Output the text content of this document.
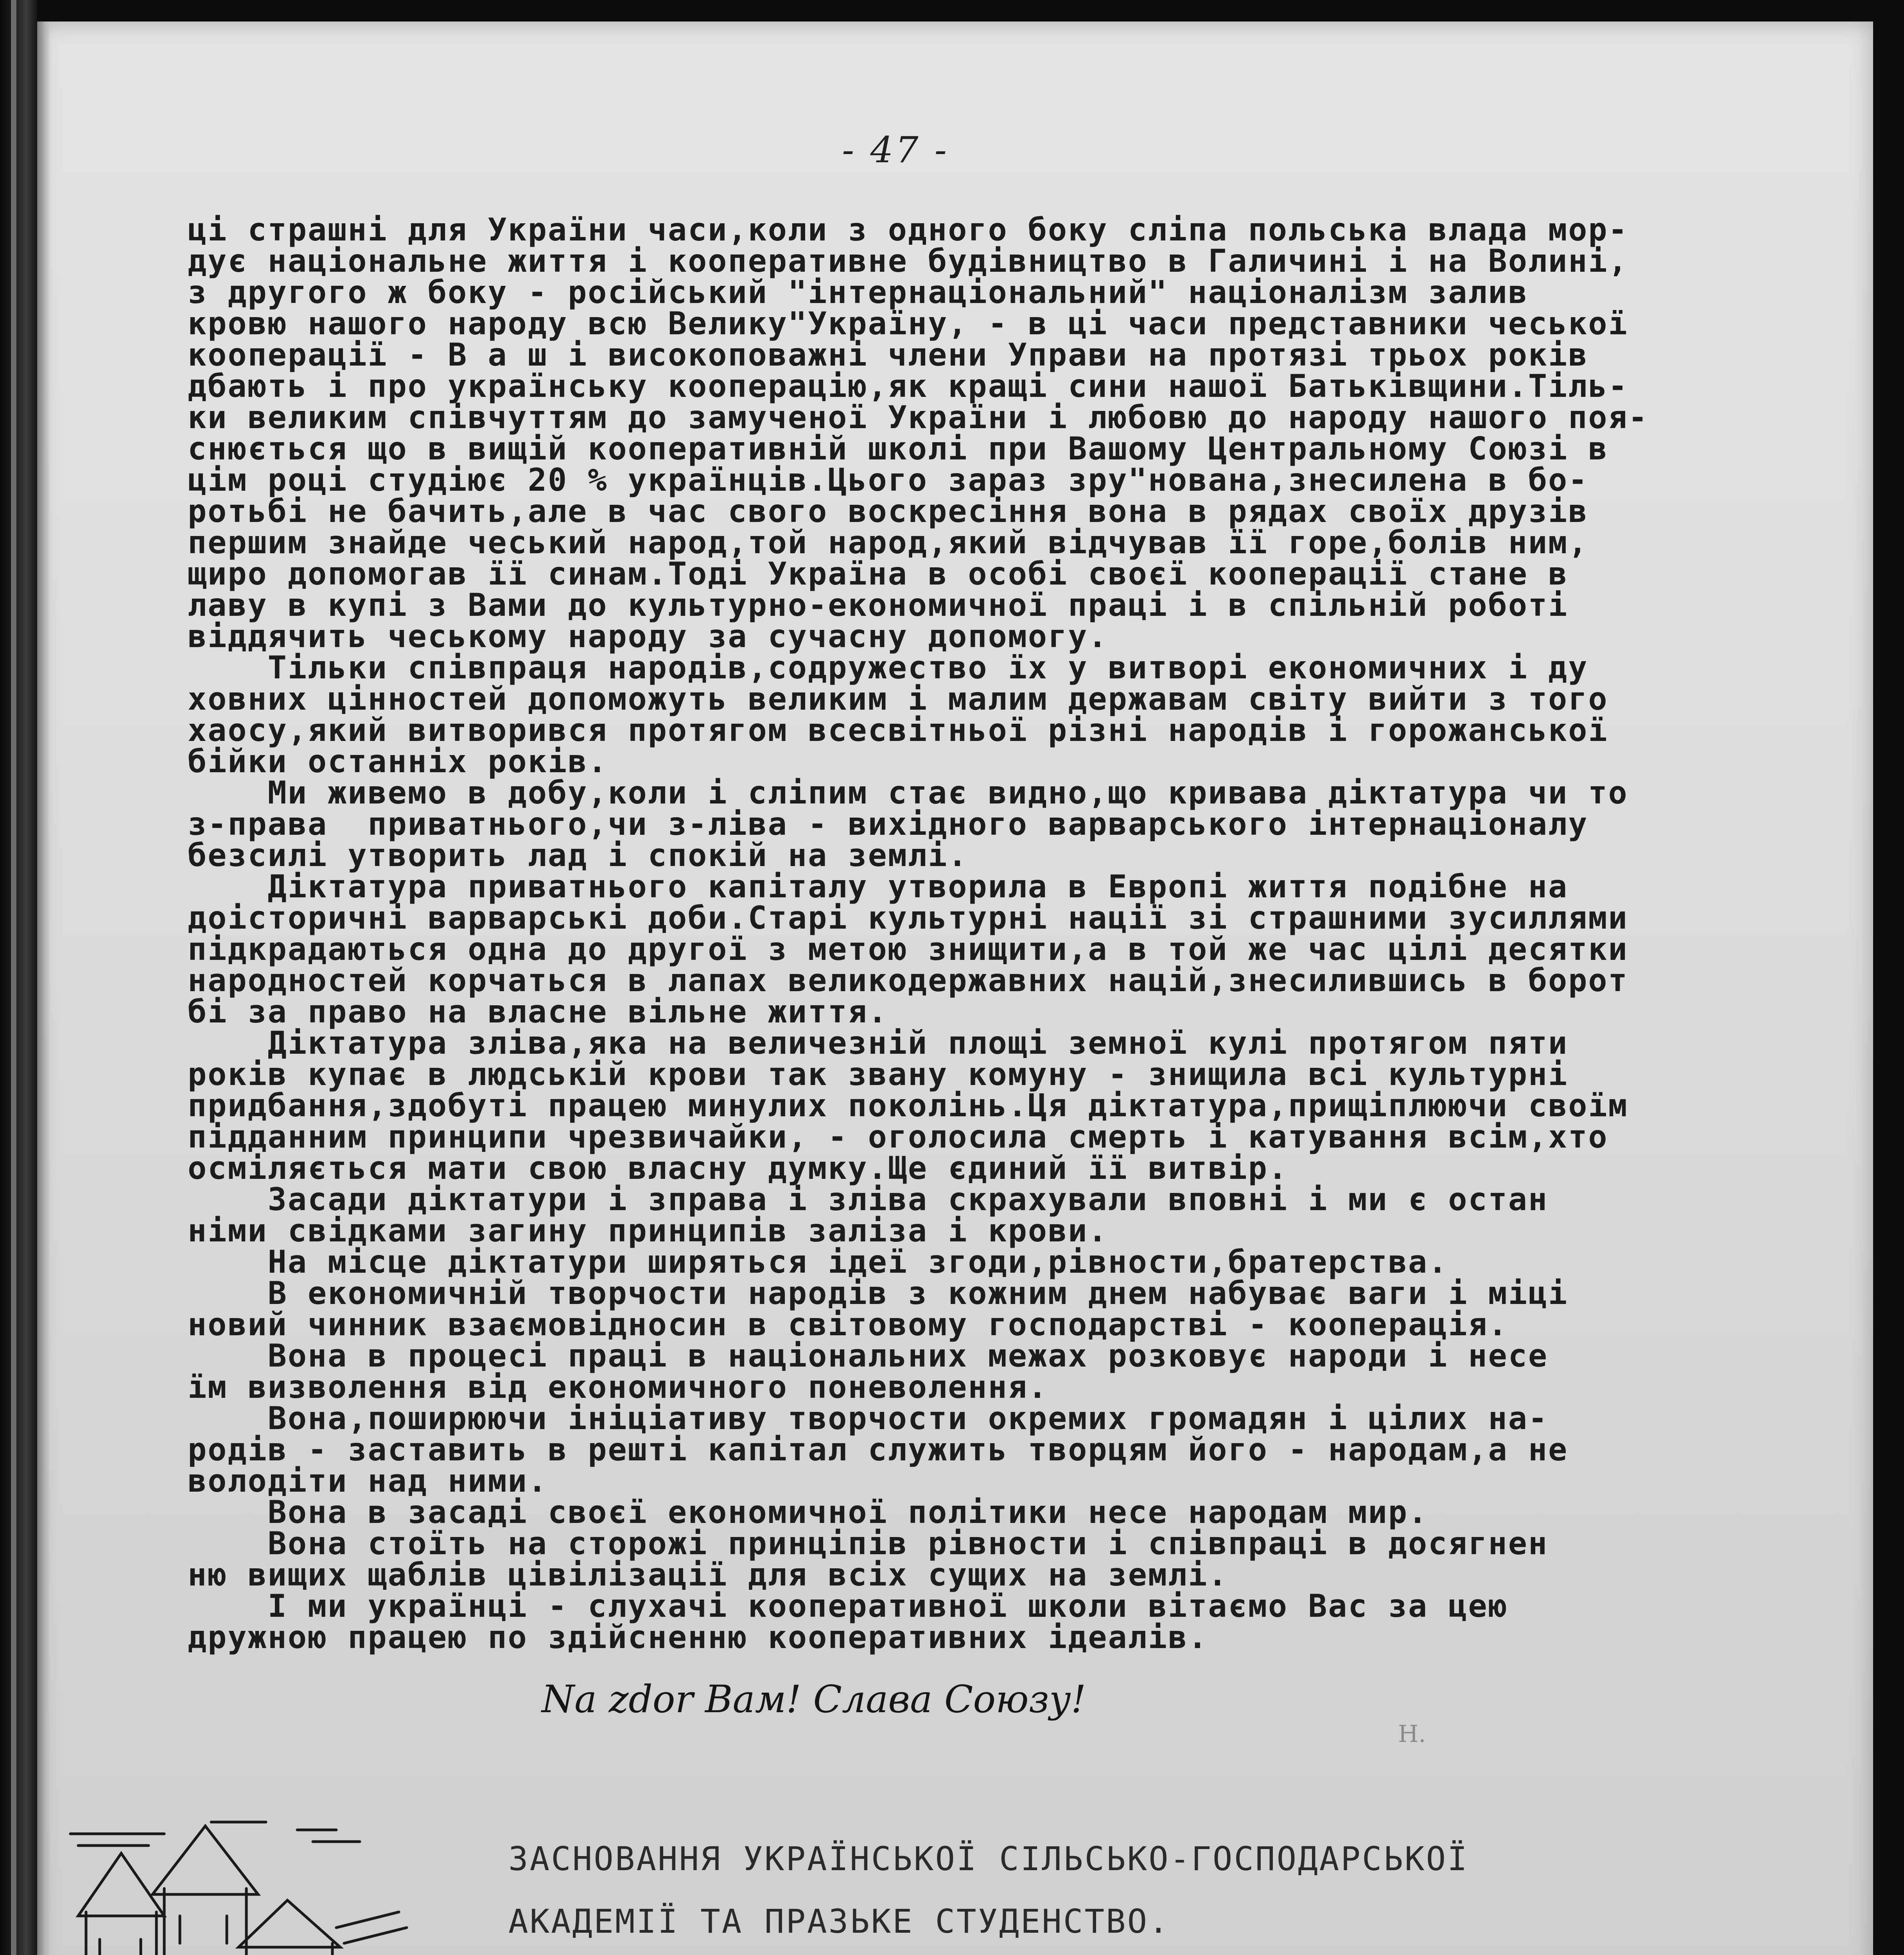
- 47 -
ці страшні для України часи,коли з одного боку сліпа польська влада мор-
дує національне життя і кооперативне будівництво в Галичині і на Волині,
з другого ж боку - російський "інтернаціональний" націоналізм залив
кровю нашого народу всю Велику"Україну, - в ці часи представники чеської
кооперації - В а ш і високоповажні члени Управи на протязі трьох років
дбають і про українську кооперацію,як кращі сини нашої Батьківщини.Тіль-
ки великим співчуттям до замученої України і любовю до народу нашого поя-
снюється що в вищій кооперативній школі при Вашому Центральному Союзі в
цім році студіює 20 % українців.Цього зараз зру"нована,знесилена в бо-
ротьбі не бачить,але в час свого воскресіння вона в рядах своїх друзів
першим знайде чеський народ,той народ,який відчував її горе,болів ним,
щиро допомогав її синам.Тоді Україна в особі своєї кооперації стане в
лаву в купі з Вами до культурно-економичної праці і в спільній роботі
віддячить чеському народу за сучасну допомогу.
Тільки співпраця народів,содружество їх у витворі економичних і ду
ховних цінностей допоможуть великим і малим державам світу вийти з того
хаосу,який витворився протягом всесвітньої різні народів і горожанської
бійки останніх років.
Ми живемо в добу,коли і сліпим стає видно,що кривава діктатура чи то
з-права  приватнього,чи з-ліва - вихідного варварського інтернаціоналу
безсилі утворить лад і спокій на землі.
Діктатура приватнього капіталу утворила в Европі життя подібне на
доісторичні варварські доби.Старі культурні нації зі страшними зусиллями
підкрадаються одна до другої з метою знищити,а в той же час цілі десятки
народностей корчаться в лапах великодержавних націй,знесилившись в борот
бі за право на власне вільне життя.
Діктатура зліва,яка на величезній площі земної кулі протягом пяти
років купає в людській крови так звану комуну - знищила всі культурні
придбання,здобуті працею минулих поколінь.Ця діктатура,прищіплюючи своїм
підданним принципи чрезвичайки, - оголосила смерть і катування всім,хто
осміляється мати свою власну думку.Ще єдиний її витвір.
Засади діктатури і зправа і зліва скрахували вповні і ми є остан
німи свідками загину принципів заліза і крови.
На місце діктатури ширяться ідеї згоди,рівности,братерства.
В економичній творчости народів з кожним днем набуває ваги і міці
новий чинник взаємовідносин в світовому господарстві - кооперація.
Вона в процесі праці в національних межах розковує народи і несе
їм визволення від економичного поневолення.
Вона,поширюючи ініціативу творчости окремих громадян і цілих на-
родів - заставить в решті капітал служить творцям його - народам,а не
володіти над ними.
Вона в засаді своєї економичної політики несе народам мир.
Вона стоїть на сторожі принціпів рівности і співпраці в досягнен
ню вищих щаблів цівілізації для всіх сущих на землі.
І ми українці - слухачі кооперативної школи вітаємо Вас за цею
дружною працею по здійсненню кооперативних ідеалів.
Na zdor Вам! Слава Союзу!
Н.
ЗАСНОВАННЯ УКРАЇНСЬКОЇ СІЛЬСЬКО-ГОСПОДАРСЬКОЇ
АКАДЕМІЇ ТА ПРАЗЬКЕ СТУДЕНСТВО.
